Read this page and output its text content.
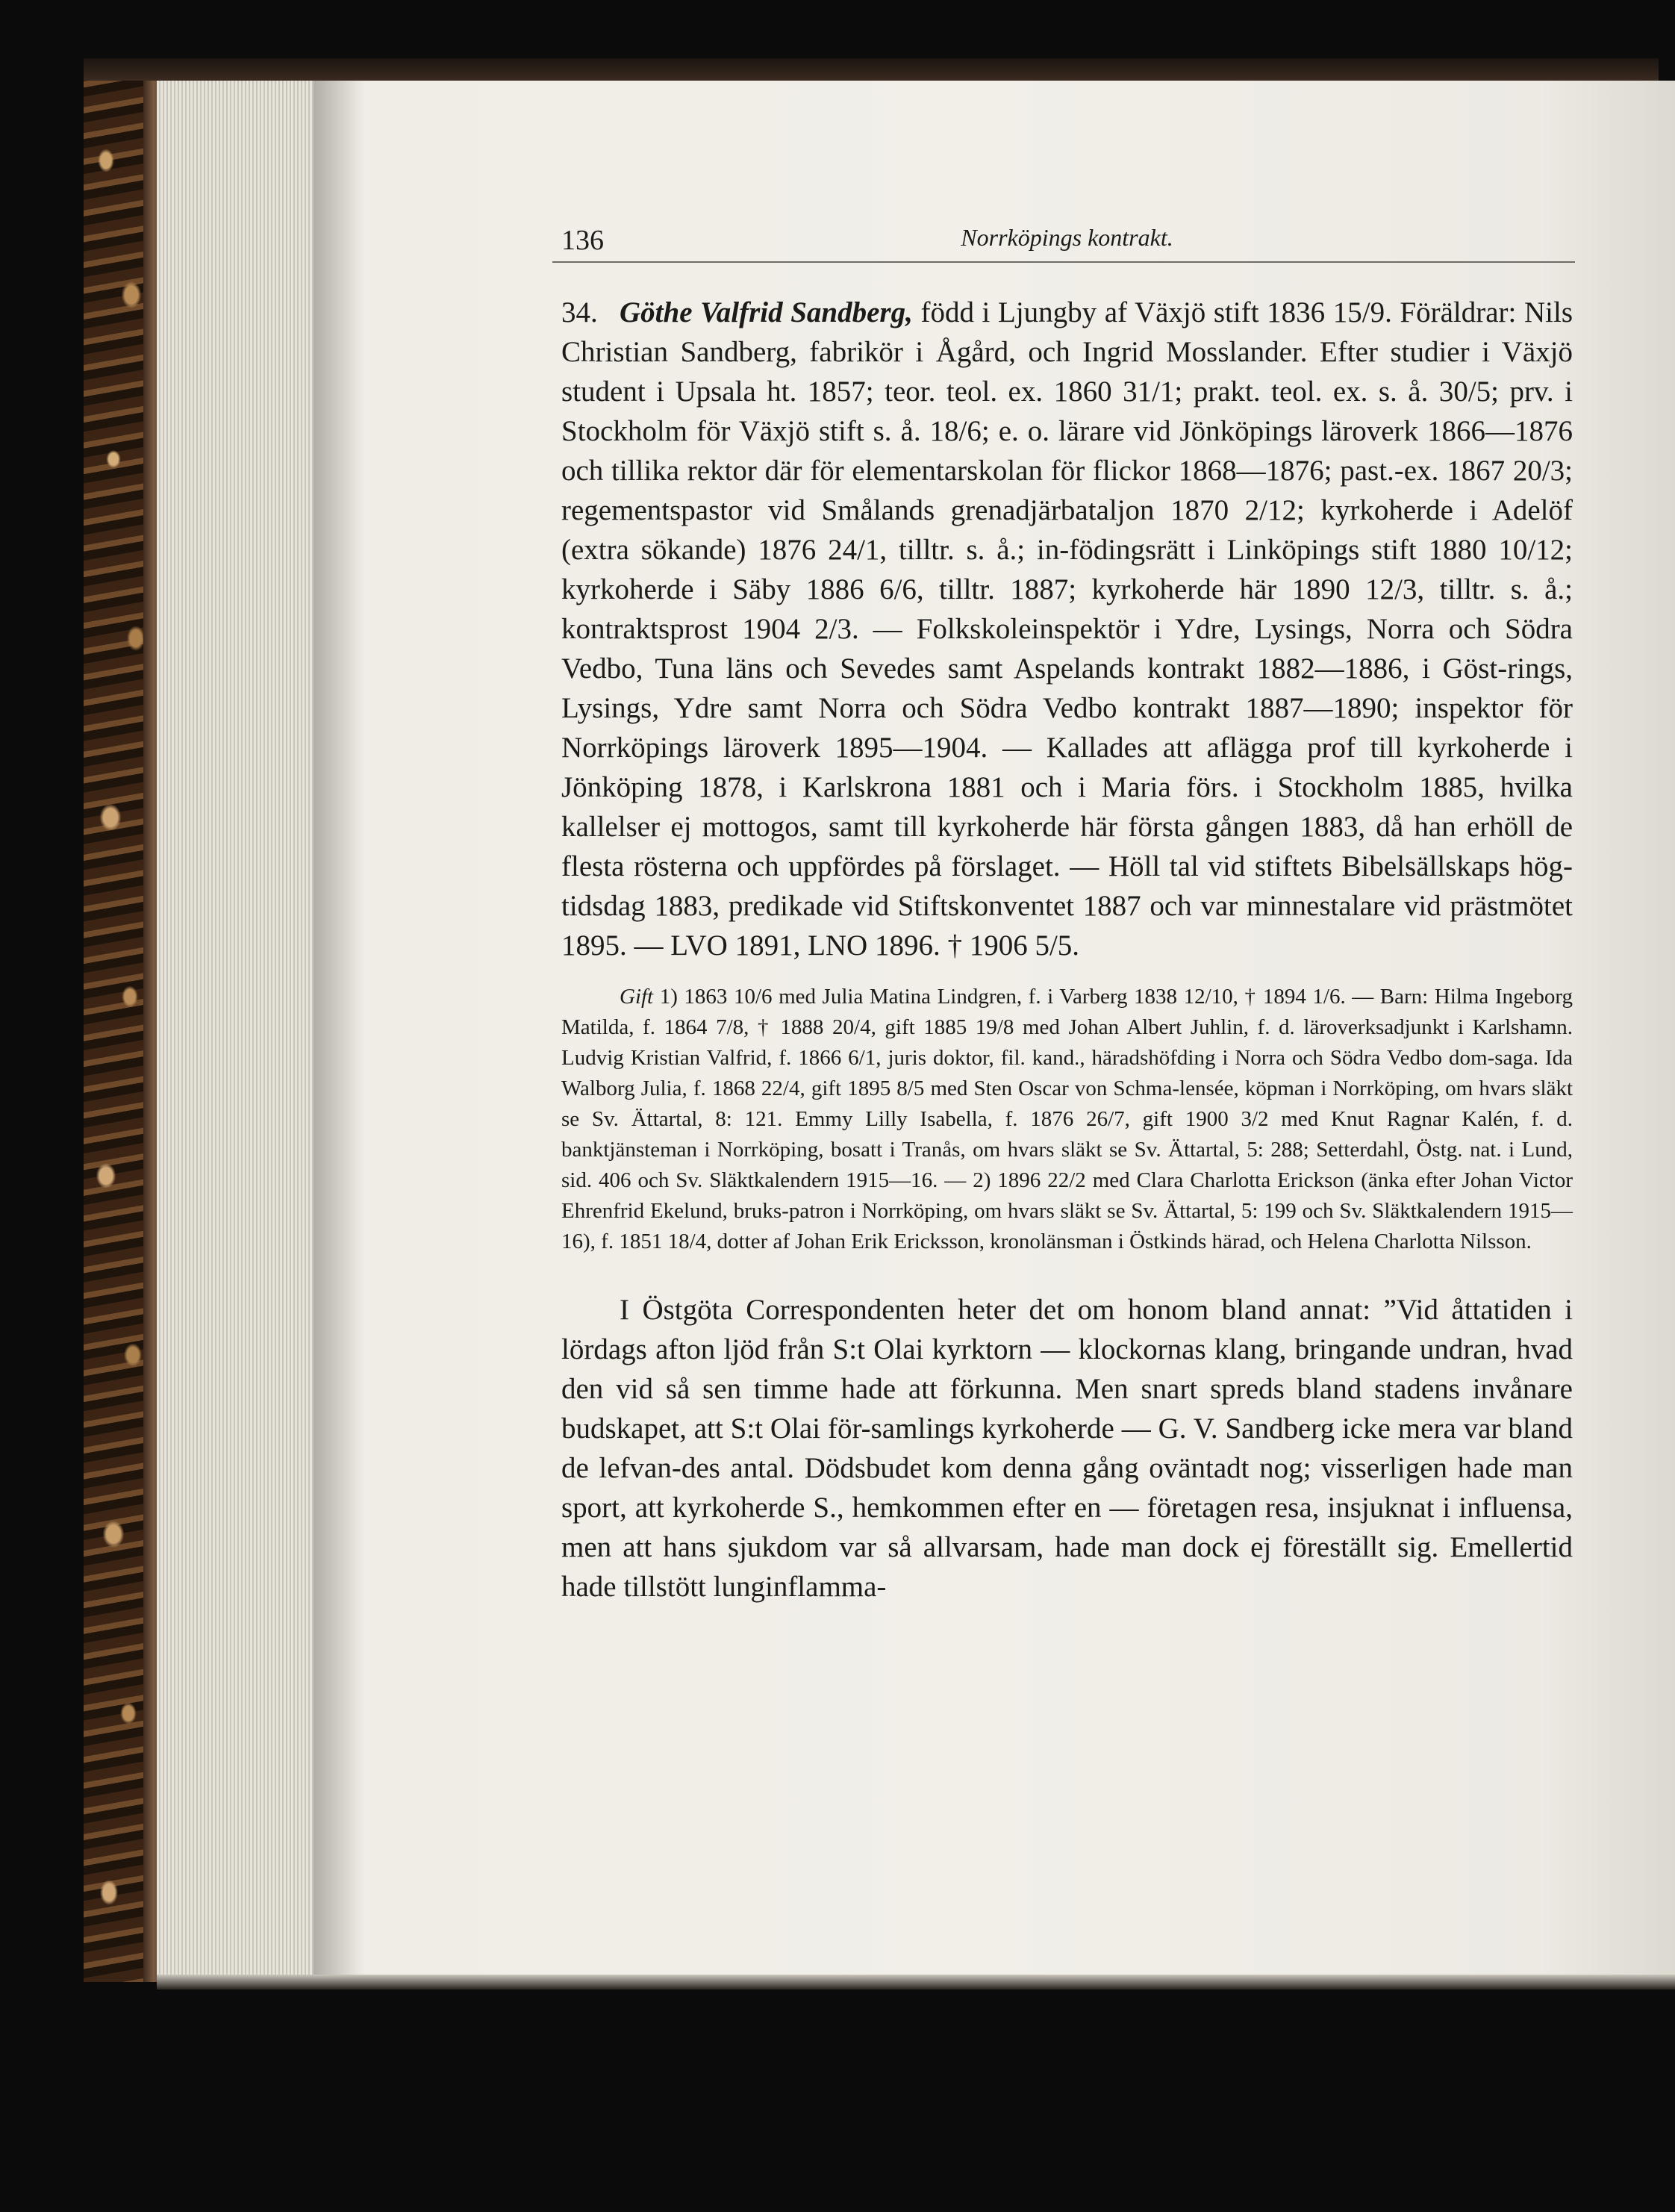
136	Norrköpings kontrakt.

34. Göthe Valfrid Sandberg, född i Ljungby af Växjö stift 1836 15/9. Föräldrar: Nils Christian Sandberg, fabrikör i Ågård, och Ingrid Mosslander. Efter studier i Växjö student i Upsala ht. 1857; teor. teol. ex. 1860 31/1; prakt. teol. ex. s. å. 30/5; prv. i Stockholm för Växjö stift s. å. 18/6; e. o. lärare vid Jönköpings läroverk 1866—1876 och tillika rektor där för elementarskolan för flickor 1868—1876; past.-ex. 1867 20/3; regementspastor vid Smålands grenadjärbataljon 1870 2/12; kyrkoherde i Adelöf (extra sökande) 1876 24/1, tilltr. s. å.; in-födingsrätt i Linköpings stift 1880 10/12; kyrkoherde i Säby 1886 6/6, tilltr. 1887; kyrkoherde här 1890 12/3, tilltr. s. å.; kontraktsprost 1904 2/3. — Folkskoleinspektör i Ydre, Lysings, Norra och Södra Vedbo, Tuna läns och Sevedes samt Aspelands kontrakt 1882—1886, i Göst-rings, Lysings, Ydre samt Norra och Södra Vedbo kontrakt 1887—1890; inspektor för Norrköpings läroverk 1895—1904. — Kallades att aflägga prof till kyrkoherde i Jönköping 1878, i Karlskrona 1881 och i Maria förs. i Stockholm 1885, hvilka kallelser ej mottogos, samt till kyrkoherde här första gången 1883, då han erhöll de flesta rösterna och uppfördes på förslaget. — Höll tal vid stiftets Bibelsällskaps hög-tidsdag 1883, predikade vid Stiftskonventet 1887 och var minnestalare vid prästmötet 1895. — LVO 1891, LNO 1896. † 1906 5/5.

Gift 1) 1863 10/6 med Julia Matina Lindgren, f. i Varberg 1838 12/10, † 1894 1/6. — Barn: Hilma Ingeborg Matilda, f. 1864 7/8, † 1888 20/4, gift 1885 19/8 med Johan Albert Juhlin, f. d. läroverksadjunkt i Karlshamn. Ludvig Kristian Valfrid, f. 1866 6/1, juris doktor, fil. kand., häradshöfding i Norra och Södra Vedbo dom-saga. Ida Walborg Julia, f. 1868 22/4, gift 1895 8/5 med Sten Oscar von Schma-lensée, köpman i Norrköping, om hvars släkt se Sv. Ättartal, 8: 121. Emmy Lilly Isabella, f. 1876 26/7, gift 1900 3/2 med Knut Ragnar Kalén, f. d. banktjänsteman i Norrköping, bosatt i Tranås, om hvars släkt se Sv. Ättartal, 5: 288; Setterdahl, Östg. nat. i Lund, sid. 406 och Sv. Släktkalendern 1915—16. — 2) 1896 22/2 med Clara Charlotta Erickson (änka efter Johan Victor Ehrenfrid Ekelund, bruks-patron i Norrköping, om hvars släkt se Sv. Ättartal, 5: 199 och Sv. Släktkalendern 1915—16), f. 1851 18/4, dotter af Johan Erik Ericksson, kronolänsman i Östkinds härad, och Helena Charlotta Nilsson.

I Östgöta Correspondenten heter det om honom bland annat: ”Vid åttatiden i lördags afton ljöd från S:t Olai kyrktorn — klockornas klang, bringande undran, hvad den vid så sen timme hade att förkunna. Men snart spreds bland stadens invånare budskapet, att S:t Olai för-samlings kyrkoherde — G. V. Sandberg icke mera var bland de lefvan-des antal. Dödsbudet kom denna gång oväntadt nog; visserligen hade man sport, att kyrkoherde S., hemkommen efter en — företagen resa, insjuknat i influensa, men att hans sjukdom var så allvarsam, hade man dock ej föreställt sig. Emellertid hade tillstött lunginflamma-
